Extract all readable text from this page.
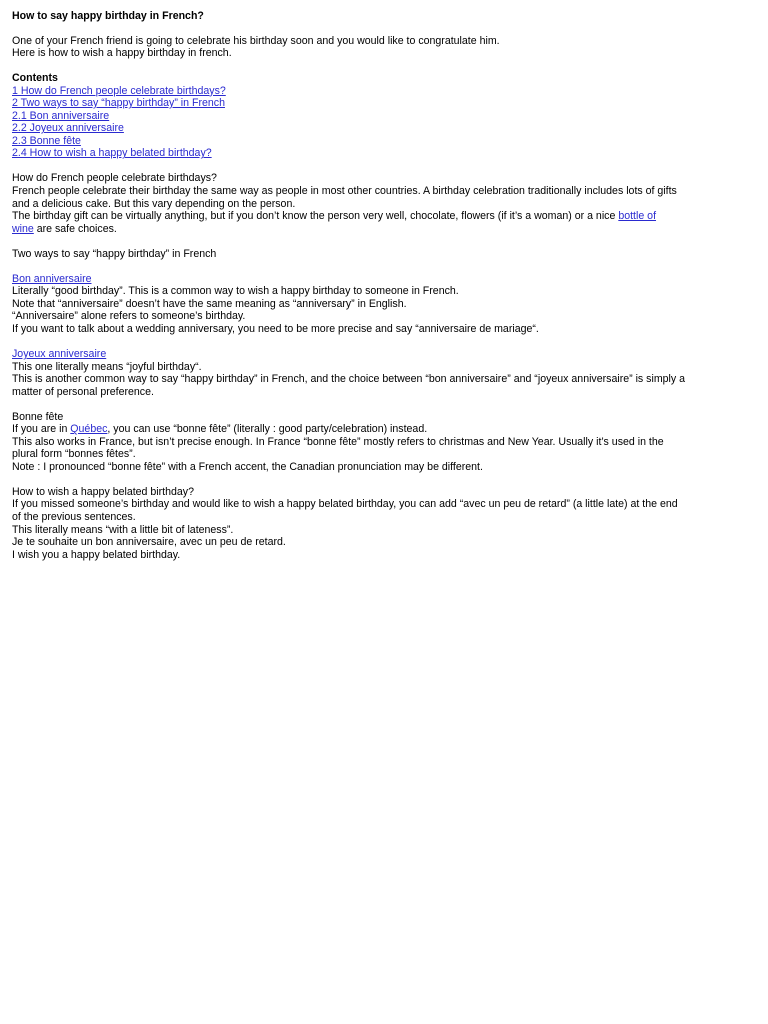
How to say happy birthday in French?
One of your French friend is going to celebrate his birthday soon and you would like to congratulate him.
Here is how to wish a happy birthday in french.
Contents
1 How do French people celebrate birthdays?
2 Two ways to say “happy birthday” in French
2.1 Bon anniversaire
2.2 Joyeux anniversaire
2.3 Bonne fête
2.4 How to wish a happy belated birthday?
How do French people celebrate birthdays?
French people celebrate their birthday the same way as people in most other countries. A birthday celebration traditionally includes lots of gifts
and a delicious cake. But this vary depending on the person.
The birthday gift can be virtually anything, but if you don’t know the person very well, chocolate, flowers (if it’s a woman) or a nice bottle of
wine are safe choices.
Two ways to say “happy birthday” in French
Bon anniversaire
Literally “good birthday”. This is a common way to wish a happy birthday to someone in French.
Note that “anniversaire” doesn’t have the same meaning as “anniversary” in English.
“Anniversaire” alone refers to someone’s birthday.
If you want to talk about a wedding anniversary, you need to be more precise and say “anniversaire de mariage“.
Joyeux anniversaire
This one literally means “joyful birthday“.
This is another common way to say “happy birthday” in French, and the choice between “bon anniversaire” and “joyeux anniversaire” is simply a
matter of personal preference.
Bonne fête
If you are in Québec, you can use “bonne fête” (literally : good party/celebration) instead.
This also works in France, but isn’t precise enough. In France “bonne fête” mostly refers to christmas and New Year. Usually it’s used in the
plural form “bonnes fêtes”.
Note : I pronounced “bonne fête” with a French accent, the Canadian pronunciation may be different.
How to wish a happy belated birthday?
If you missed someone’s birthday and would like to wish a happy belated birthday, you can add “avec un peu de retard” (a little late) at the end
of the previous sentences.
This literally means “with a little bit of lateness”.
Je te souhaite un bon anniversaire, avec un peu de retard.
I wish you a happy belated birthday.
